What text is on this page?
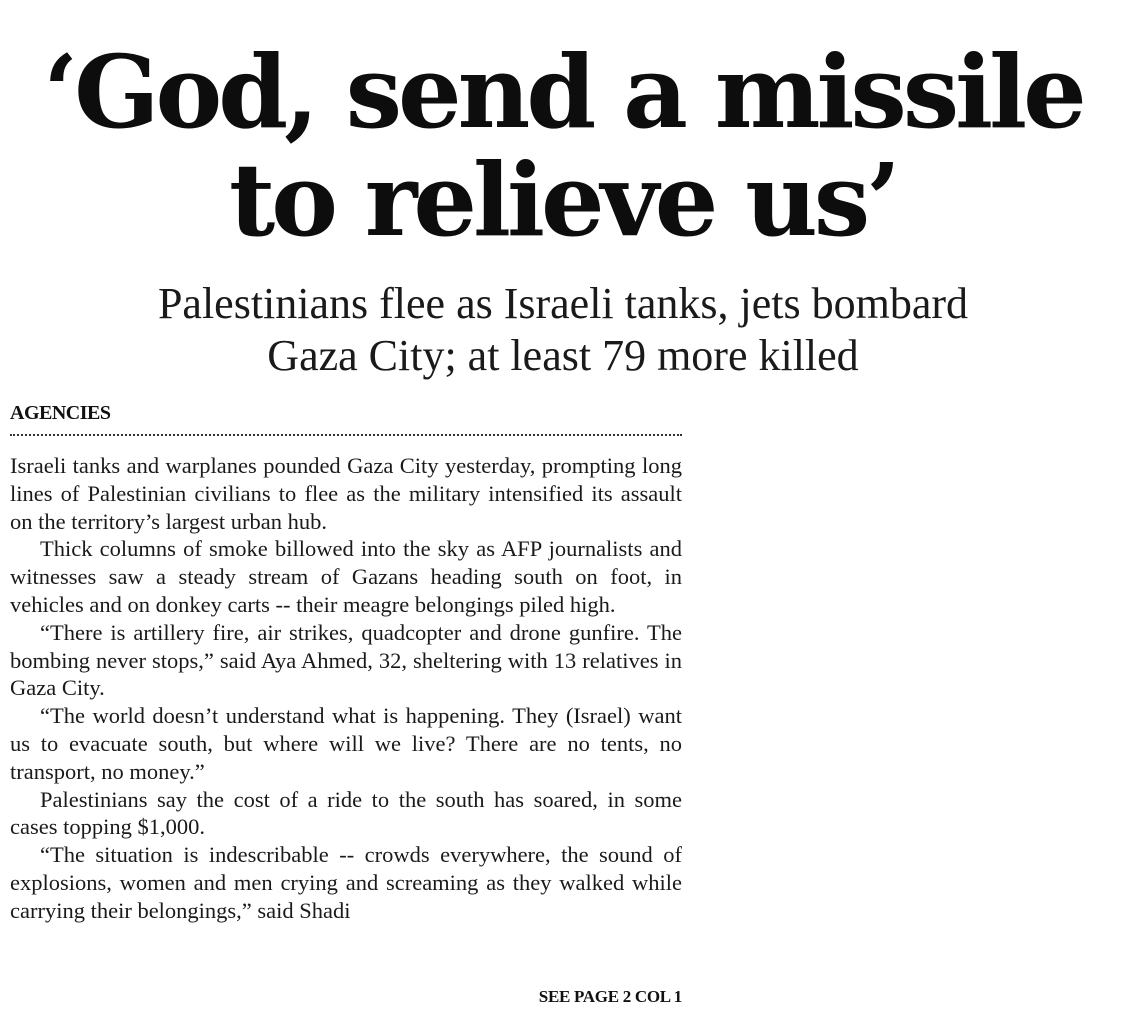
‘God, send a missile
to relieve us’
Palestinians flee as Israeli tanks, jets bombard
Gaza City; at least 79 more killed
AGENCIES

Israeli tanks and warplanes pounded Gaza City yesterday, prompting long lines of Palestinian civilians to flee as the military intensified its assault on the territory’s largest urban hub.

Thick columns of smoke billowed into the sky as AFP journalists and witnesses saw a steady stream of Gazans heading south on foot, in vehicles and on donkey carts -- their meagre belongings piled high.

“There is artillery fire, air strikes, quadcopter and drone gunfire. The bombing never stops,” said Aya Ahmed, 32, sheltering with 13 relatives in Gaza City.

“The world doesn’t understand what is happening. They (Israel) want us to evacuate south, but where will we live? There are no tents, no transport, no money.”

Palestinians say the cost of a ride to the south has soared, in some cases topping $1,000.

“The situation is indescribable -- crowds everywhere, the sound of explosions, women and men crying and screaming as they walked while carrying their belongings,” said Shadi

SEE PAGE 2 COL 1
